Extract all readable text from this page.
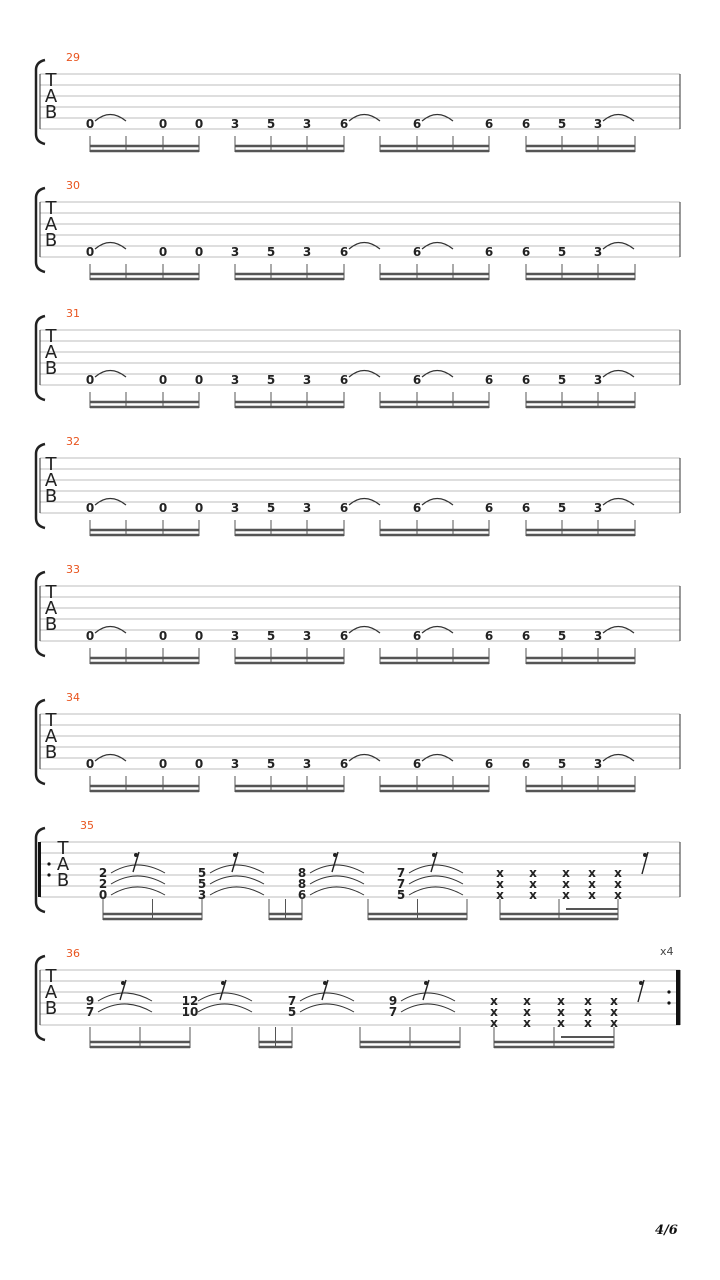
x4
4/6
T
A
B
29
0	0 0 3 5 3 6	6	6 6 5 3
T
A
B
30
0	0 0 3 5 3 6	6	6 6 5 3
T
A
B
31
0	0 0 3 5 3 6	6	6 6 5 3
T
A
B
32
0	0 0 3 5 3 6	6	6 6 5 3
T
A
B
33
0	0 0 3 5 3 6	6	6 6 5 3
T
A
B
34
0	0 0 3 5 3 6	6	6 6 5 3
T
A
B
35
2
2
0
5
5
3
8
8
6
7
7
5
x
x
x
x
x
x
x
x
x
x
x
x
x
x
x
T
A
B
36
9
7
12
10
7
5
9
7
x
x
x
x
x
x
x
x
x
x
x
x
x
x
x
